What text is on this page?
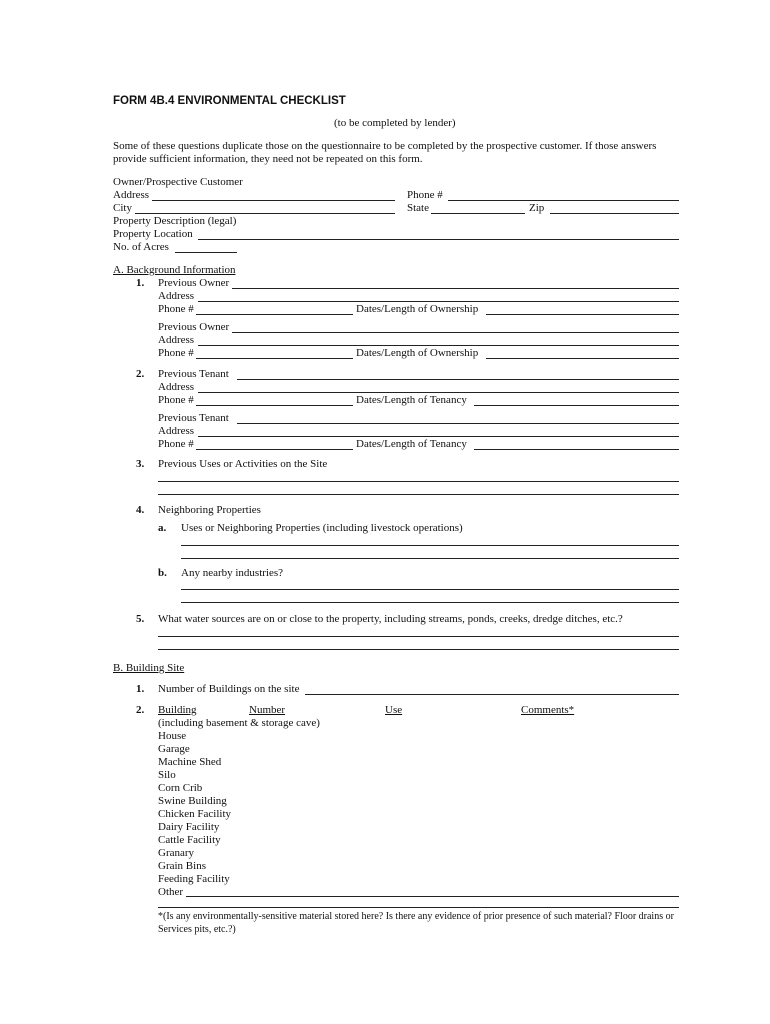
FORM 4B.4 ENVIRONMENTAL CHECKLIST
(to be completed by lender)
Some of these questions duplicate those on the questionnaire to be completed by the prospective customer. If those answers
provide sufficient information, they need not be repeated on this form.
Owner/Prospective Customer
Address	Phone #
City	State	Zip
Property Description (legal)
Property Location
No. of Acres
A. Background Information
1. Previous Owner
Address
Phone #	Dates/Length of Ownership
Previous Owner
Address
Phone #	Dates/Length of Ownership
2. Previous Tenant
Address
Phone #	Dates/Length of Tenancy
Previous Tenant
Address
Phone #	Dates/Length of Tenancy
3. Previous Uses or Activities on the Site
4. Neighboring Properties
a. Uses or Neighboring Properties (including livestock operations)
b. Any nearby industries?
5. What water sources are on or close to the property, including streams, ponds, creeks, dredge ditches, etc.?
B. Building Site
1. Number of Buildings on the site
2. Building	Number	Use	Comments*
(including basement & storage cave)
House
Garage
Machine Shed
Silo
Corn Crib
Swine Building
Chicken Facility
Dairy Facility
Cattle Facility
Granary
Grain Bins
Feeding Facility
Other
*(Is any environmentally-sensitive material stored here? Is there any evidence of prior presence of such material? Floor drains or
Services pits, etc.?)
